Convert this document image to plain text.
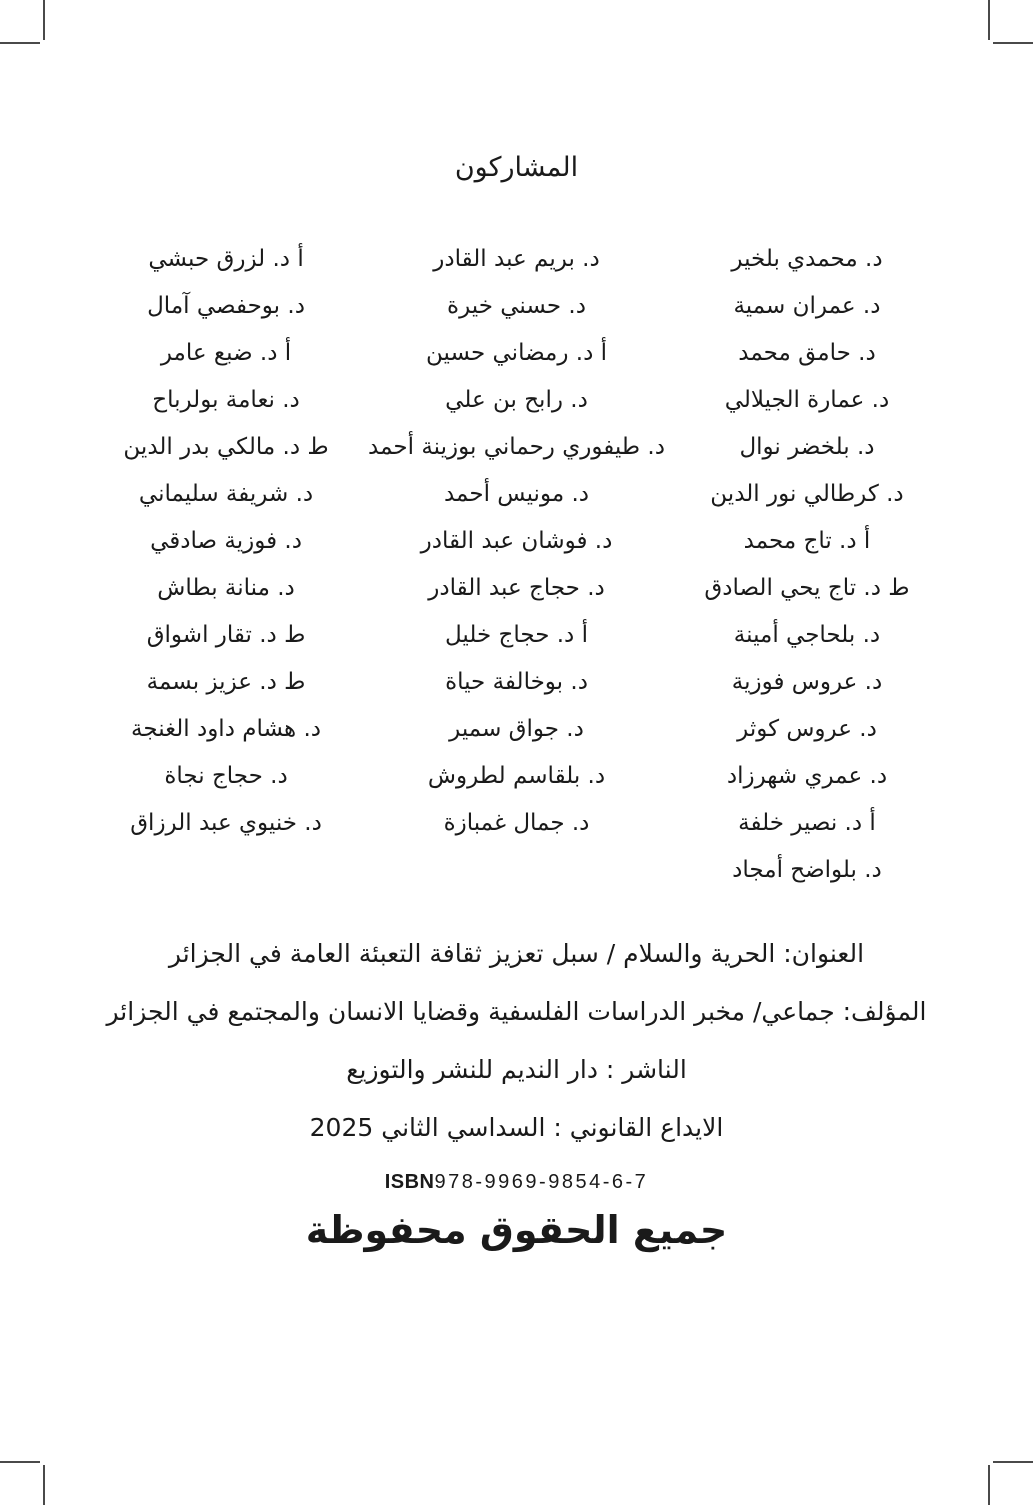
المشاركون
د. محمدي بلخير
د. عمران سمية
د. حامق محمد
د. عمارة الجيلالي
د. بلخضر نوال
د. كرطالي نور الدين
أ د. تاج محمد
ط د. تاج يحي الصادق
د. بلحاجي أمينة
د. عروس فوزية
د. عروس كوثر
د. عمري شهرزاد
أ د. نصير خلفة
د. بلواضح أمجاد
د. بريم عبد القادر
د. حسني خيرة
أ د. رمضاني حسين
د. رابح بن علي
د. طيفوري رحماني بوزينة أحمد
د. مونيس أحمد
د. فوشان عبد القادر
د. حجاج عبد القادر
أ د. حجاج خليل
د. بوخالفة حياة
د. جواق سمير
د. بلقاسم لطروش
د. جمال غمبازة
أ د. لزرق حبشي
د. بوحفصي آمال
أ د. ضبع عامر
د. نعامة بولرباح
ط د. مالكي بدر الدين
د. شريفة سليماني
د. فوزية صادقي
د. منانة بطاش
ط د. تقار اشواق
ط د. عزيز بسمة
د. هشام داود الغنجة
د. حجاج نجاة
د. خنيوي عبد الرزاق
العنوان: الحرية والسلام / سبل تعزيز ثقافة التعبئة العامة في الجزائر
المؤلف: جماعي/ مخبر الدراسات الفلسفية وقضايا الانسان والمجتمع في الجزائر
الناشر : دار النديم للنشر والتوزيع
الايداع القانوني : السداسي الثاني 2025
ISBN978-9969-9854-6-7
جميع الحقوق محفوظة
